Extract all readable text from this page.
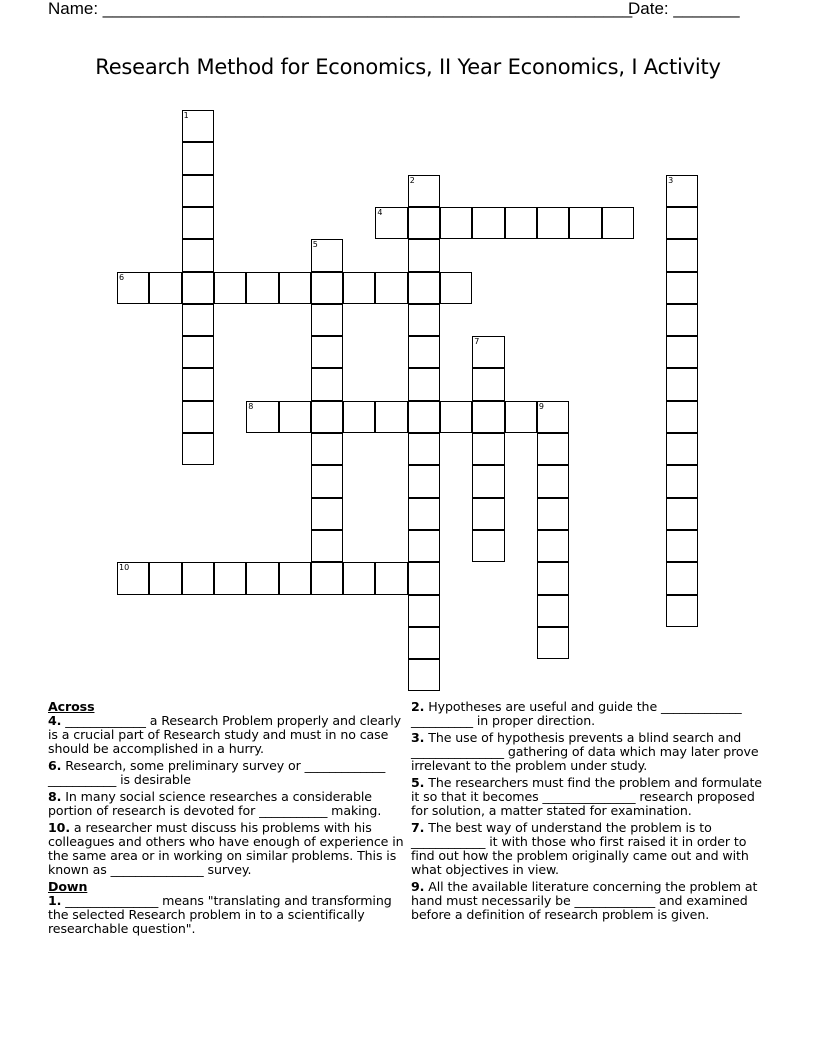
Name: ________________________________________________________
Date: _______
Research Method for Economics, II Year Economics, I Activity
1
2	3
4
5
6
7
8	9
10

Across

4. _____________ a Research Problem properly and clearly is a crucial part of Research study and must in no case should be accomplished in a hurry.

6. Research, some preliminary survey or _____________ ___________ is desirable

8. In many social science researches a considerable portion of research is devoted for ___________ making.

10. a researcher must discuss his problems with his colleagues and others who have enough of experience in the same area or in working on similar problems. This is known as _______________ survey.

Down

1. _______________ means "translating and transforming the selected Research problem in to a scientifically researchable question".

2. Hypotheses are useful and guide the _____________ __________ in proper direction.

3. The use of hypothesis prevents a blind search and _______________ gathering of data which may later prove irrelevant to the problem under study.

5. The researchers must find the problem and formulate it so that it becomes _______________ research proposed for solution, a matter stated for examination.

7. The best way of understand the problem is to ____________ it with those who first raised it in order to find out how the problem originally came out and with what objectives in view.

9. All the available literature concerning the problem at hand must necessarily be _____________ and examined before a definition of research problem is given.
